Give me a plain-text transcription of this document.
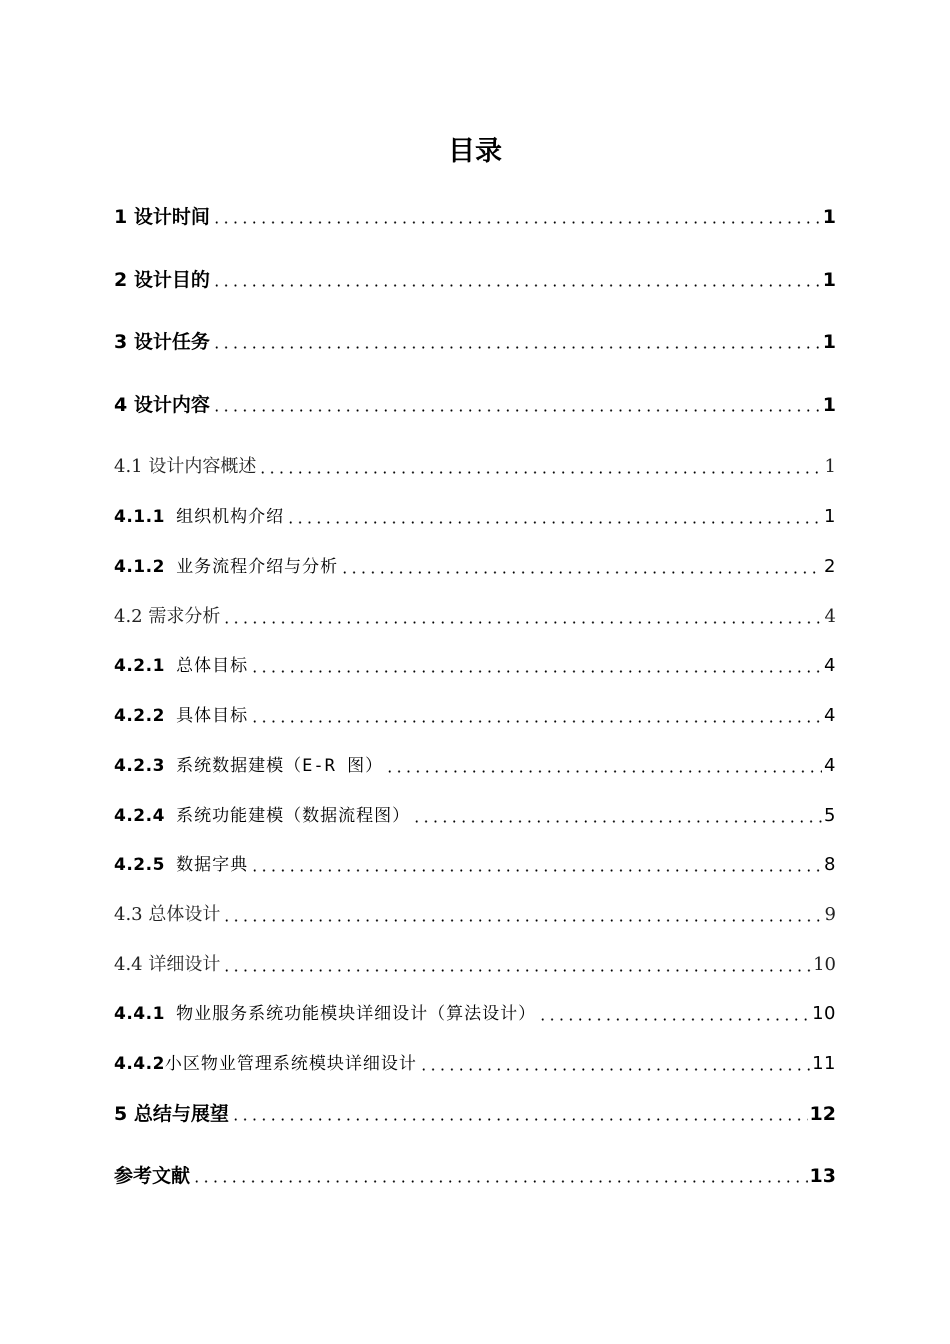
目录
1 设计时间	1
2 设计目的	1
3 设计任务	1
4 设计内容	1
4.1 设计内容概述	1
4.1.1 组织机构介绍	1
4.1.2 业务流程介绍与分析	2
4.2 需求分析	4
4.2.1 总体目标	4
4.2.2 具体目标	4
4.2.3 系统数据建模（E-R 图）	4
4.2.4 系统功能建模（数据流程图）	5
4.2.5 数据字典	8
4.3 总体设计	9
4.4 详细设计	10
4.4.1 物业服务系统功能模块详细设计（算法设计）	10
4.4.2小区物业管理系统模块详细设计	11
5 总结与展望	12
参考文献	13
